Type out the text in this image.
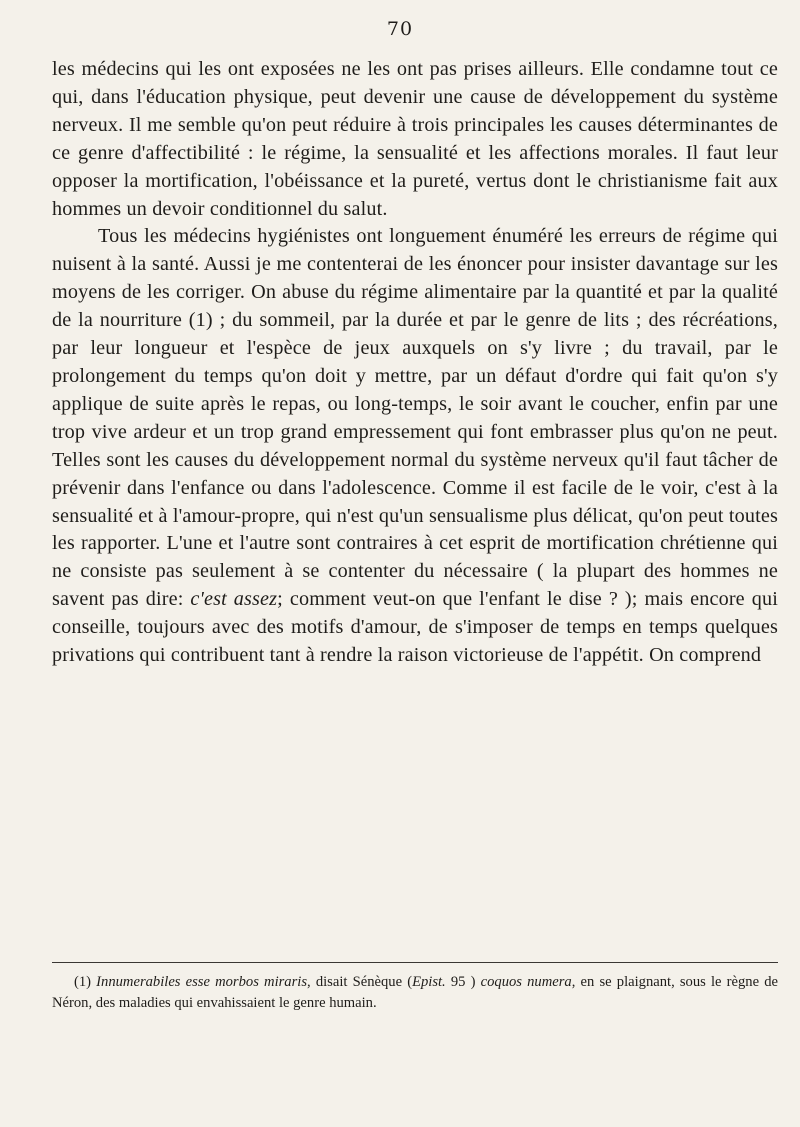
70

les médecins qui les ont exposées ne les ont pas prises ailleurs. Elle condamne tout ce qui, dans l'éducation physique, peut devenir une cause de développement du système nerveux. Il me semble qu'on peut réduire à trois principales les causes déterminantes de ce genre d'affectibilité : le régime, la sensualité et les affections morales. Il faut leur opposer la mortification, l'obéissance et la pureté, vertus dont le christianisme fait aux hommes un devoir conditionnel du salut.

Tous les médecins hygiénistes ont longuement énuméré les erreurs de régime qui nuisent à la santé. Aussi je me contenterai de les énoncer pour insister davantage sur les moyens de les corriger. On abuse du régime alimentaire par la quantité et par la qualité de la nourriture (1) ; du sommeil, par la durée et par le genre de lits ; des récréations, par leur longueur et l'espèce de jeux auxquels on s'y livre ; du travail, par le prolongement du temps qu'on doit y mettre, par un défaut d'ordre qui fait qu'on s'y applique de suite après le repas, ou long-temps, le soir avant le coucher, enfin par une trop vive ardeur et un trop grand empressement qui font embrasser plus qu'on ne peut. Telles sont les causes du développement normal du système nerveux qu'il faut tâcher de prévenir dans l'enfance ou dans l'adolescence. Comme il est facile de le voir, c'est à la sensualité et à l'amour-propre, qui n'est qu'un sensualisme plus délicat, qu'on peut toutes les rapporter. L'une et l'autre sont contraires à cet esprit de mortification chrétienne qui ne consiste pas seulement à se contenter du nécessaire ( la plupart des hommes ne savent pas dire: c'est assez; comment veut-on que l'enfant le dise ? ); mais encore qui conseille, toujours avec des motifs d'amour, de s'imposer de temps en temps quelques privations qui contribuent tant à rendre la raison victorieuse de l'appétit. On comprend

(1) Innumerabiles esse morbos miraris, disait Sénèque (Epist. 95 ) coquos numera, en se plaignant, sous le règne de Néron, des maladies qui envahissaient le genre humain.
